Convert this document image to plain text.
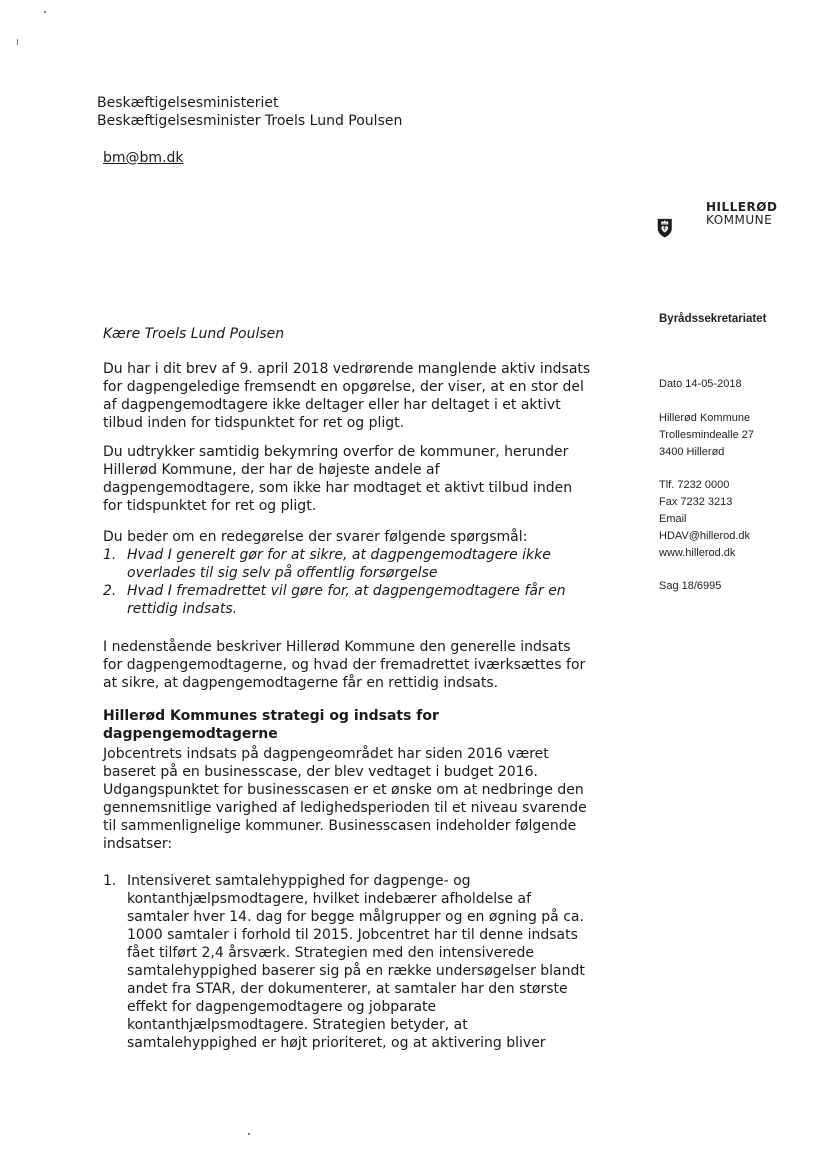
Beskæftigelsesministeriet
Beskæftigelsesminister Troels Lund Poulsen
bm@bm.dk
HILLERØD
KOMMUNE
Byrådssekretariatet
Dato 14-05-2018
Hillerød Kommune
Trollesmindealle 27
3400 Hillerød
Tlf. 7232 0000
Fax 7232 3213
Email
HDAV@hillerod.dk
www.hillerod.dk
Sag 18/6995
Kære Troels Lund Poulsen

Du har i dit brev af 9. april 2018 vedrørende manglende aktiv indsats for dagpengeledige fremsendt en opgørelse, der viser, at en stor del af dagpengemodtagere ikke deltager eller har deltaget i et aktivt tilbud inden for tidspunktet for ret og pligt.

Du udtrykker samtidig bekymring overfor de kommuner, herunder Hillerød Kommune, der har de højeste andele af dagpengemodtagere, som ikke har modtaget et aktivt tilbud inden for tidspunktet for ret og pligt.

Du beder om en redegørelse der svarer følgende spørgsmål:

1. Hvad I generelt gør for at sikre, at dagpengemodtagere ikke overlades til sig selv på offentlig forsørgelse
2. Hvad I fremadrettet vil gøre for, at dagpengemodtagere får en rettidig indsats.

I nedenstående beskriver Hillerød Kommune den generelle indsats for dagpengemodtagerne, og hvad der fremadrettet iværksættes for at sikre, at dagpengemodtagerne får en rettidig indsats.

Hillerød Kommunes strategi og indsats for dagpengemodtagerne

Jobcentrets indsats på dagpengeområdet har siden 2016 været baseret på en businesscase, der blev vedtaget i budget 2016. Udgangspunktet for businesscasen er et ønske om at nedbringe den gennemsnitlige varighed af ledighedsperioden til et niveau svarende til sammenlignelige kommuner. Businesscasen indeholder følgende indsatser:

1. Intensiveret samtalehyppighed for dagpenge- og kontanthjælpsmodtagere, hvilket indebærer afholdelse af samtaler hver 14. dag for begge målgrupper og en øgning på ca. 1000 samtaler i forhold til 2015. Jobcentret har til denne indsats fået tilført 2,4 årsværk. Strategien med den intensiverede samtalehyppighed baserer sig på en række undersøgelser blandt andet fra STAR, der dokumenterer, at samtaler har den største effekt for dagpengemodtagere og jobparate kontanthjælpsmodtagere. Strategien betyder, at samtalehyppighed er højt prioriteret, og at aktivering bliver
